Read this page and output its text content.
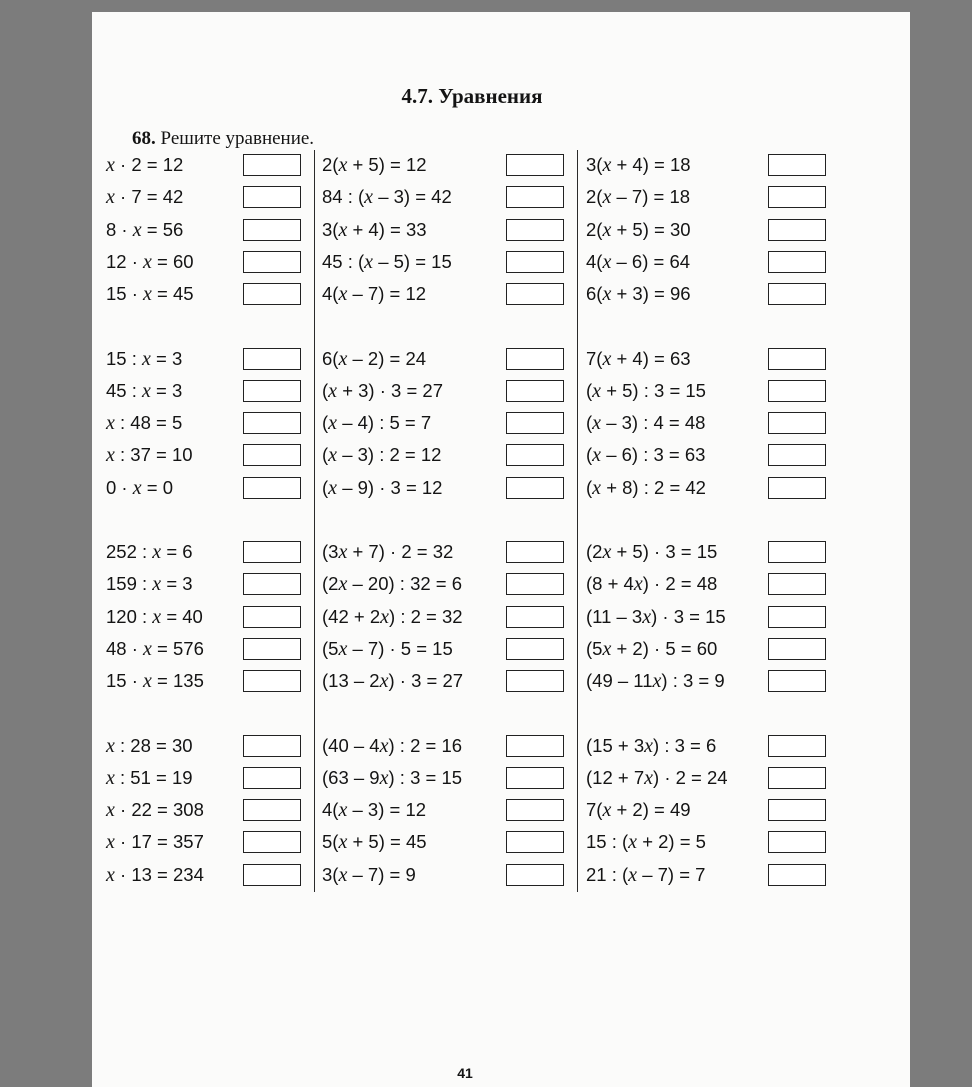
4.7. Уравнения
68. Решите уравнение.
x · 2 = 12
x · 7 = 42
8 · x = 56
12 · x = 60
15 · x = 45
15 : x = 3
45 : x = 3
x : 48 = 5
x : 37 = 10
0 · x = 0
252 : x = 6
159 : x = 3
120 : x = 40
48 · x = 576
15 · x = 135
x : 28 = 30
x : 51 = 19
x · 22 = 308
x · 17 = 357
x · 13 = 234
2(x + 5) = 12
84 : (x – 3) = 42
3(x + 4) = 33
45 : (x – 5) = 15
4(x – 7) = 12
6(x – 2) = 24
(x + 3) · 3 = 27
(x – 4) : 5 = 7
(x – 3) : 2 = 12
(x – 9) · 3 = 12
(3x + 7) · 2 = 32
(2x – 20) : 32 = 6
(42 + 2x) : 2 = 32
(5x – 7) · 5 = 15
(13 – 2x) · 3 = 27
(40 – 4x) : 2 = 16
(63 – 9x) : 3 = 15
4(x – 3) = 12
5(x + 5) = 45
3(x – 7) = 9
3(x + 4) = 18
2(x – 7) = 18
2(x + 5) = 30
4(x – 6) = 64
6(x + 3) = 96
7(x + 4) = 63
(x + 5) : 3 = 15
(x – 3) : 4 = 48
(x – 6) : 3 = 63
(x + 8) : 2 = 42
(2x + 5) · 3 = 15
(8 + 4x) · 2 = 48
(11 – 3x) · 3 = 15
(5x + 2) · 5 = 60
(49 – 11x) : 3 = 9
(15 + 3x) : 3 = 6
(12 + 7x) · 2 = 24
7(x + 2) = 49
15 : (x + 2) = 5
21 : (x – 7) = 7
41
